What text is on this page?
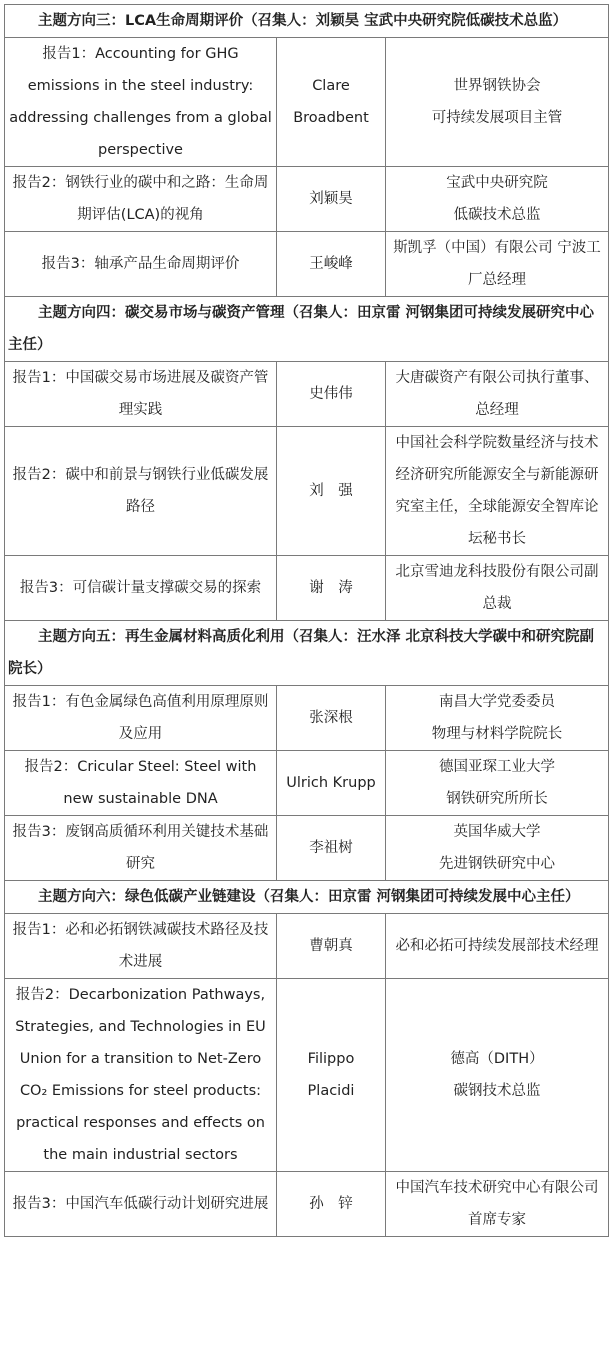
主题方向三：LCA生命周期评价（召集人：刘颖昊 宝武中央研究院低碳技术总监）		

报告1：Accounting for GHG emissions in the steel industry: addressing challenges from a global perspective	Clare
Broadbent	世界钢铁协会
可持续发展项目主管

报告2：钢铁行业的碳中和之路：生命周期评估(LCA)的视角	刘颖昊	宝武中央研究院
低碳技术总监

报告3：轴承产品生命周期评价	王峻峰	斯凯孚（中国）有限公司 宁波工厂总经理

主题方向四：碳交易市场与碳资产管理（召集人：田京雷 河钢集团可持续发展研究中心主任）		

报告1：中国碳交易市场进展及碳资产管理实践	史伟伟	大唐碳资产有限公司执行董事、总经理

报告2：碳中和前景与钢铁行业低碳发展路径	刘　强	中国社会科学院数量经济与技术经济研究所能源安全与新能源研究室主任，全球能源安全智库论坛秘书长

报告3：可信碳计量支撑碳交易的探索	谢　涛	北京雪迪龙科技股份有限公司副总裁

主题方向五：再生金属材料高质化利用（召集人：汪水泽 北京科技大学碳中和研究院副院长）		

报告1：有色金属绿色高值利用原理原则及应用	张深根	南昌大学党委委员
物理与材料学院院长

报告2：Cricular Steel: Steel with new sustainable DNA	Ulrich Krupp	德国亚琛工业大学
钢铁研究所所长

报告3：废钢高质循环利用关键技术基础研究	李祖树	英国华威大学
先进钢铁研究中心

主题方向六：绿色低碳产业链建设（召集人：田京雷 河钢集团可持续发展中心主任）		

报告1：必和必拓钢铁减碳技术路径及技术进展	曹朝真	必和必拓可持续发展部技术经理

报告2：Decarbonization Pathways, Strategies, and Technologies in EU Union for a transition to Net-Zero CO₂ Emissions for steel products: practical responses and effects on the main industrial sectors	Filippo
Placidi	德高（DITH）
碳钢技术总监

报告3：中国汽车低碳行动计划研究进展	孙　锌	中国汽车技术研究中心有限公司首席专家
